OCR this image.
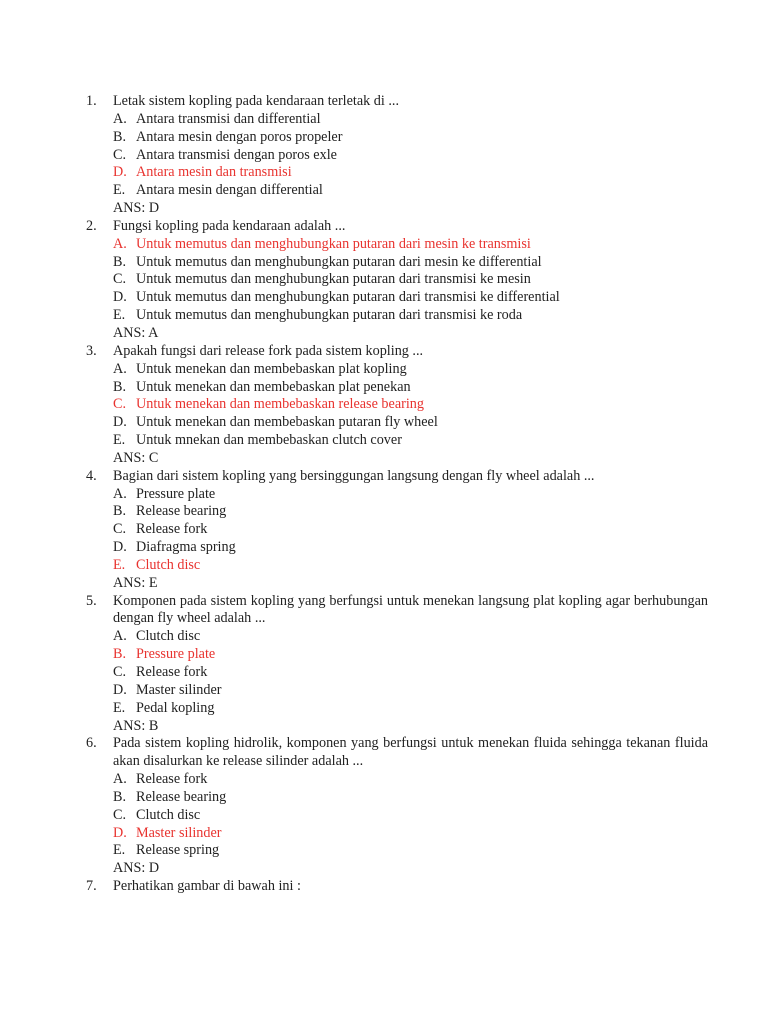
1.	Letak sistem kopling pada kendaraan terletak di ...
A. Antara transmisi dan differential
B. Antara mesin dengan poros propeler
C. Antara transmisi dengan poros exle
D. Antara mesin dan transmisi
E. Antara mesin dengan differential
ANS: D
2.	Fungsi kopling pada kendaraan adalah ...
A. Untuk memutus dan menghubungkan putaran dari mesin ke transmisi
B. Untuk memutus dan menghubungkan putaran dari mesin ke differential
C. Untuk memutus dan menghubungkan putaran dari transmisi ke mesin
D. Untuk memutus dan menghubungkan putaran dari transmisi ke differential
E. Untuk memutus dan menghubungkan putaran dari transmisi ke roda
ANS: A
3.	Apakah fungsi dari release fork pada sistem kopling ...
A. Untuk menekan dan membebaskan plat kopling
B. Untuk menekan dan membebaskan plat penekan
C. Untuk menekan dan membebaskan release bearing
D. Untuk menekan dan membebaskan putaran fly wheel
E. Untuk mnekan dan membebaskan clutch cover
ANS: C
4.	Bagian dari sistem kopling yang bersinggungan langsung dengan fly wheel adalah ...
A. Pressure plate
B. Release bearing
C. Release fork
D. Diafragma spring
E. Clutch disc
ANS: E
5.	Komponen pada sistem kopling yang berfungsi untuk menekan langsung plat kopling agar berhubungan dengan fly wheel adalah ...
A. Clutch disc
B. Pressure plate
C. Release fork
D. Master silinder
E. Pedal kopling
ANS: B
6.	Pada sistem kopling hidrolik, komponen yang berfungsi untuk menekan fluida sehingga tekanan fluida akan disalurkan ke release silinder adalah ...
A. Release fork
B. Release bearing
C. Clutch disc
D. Master silinder
E. Release spring
ANS: D
7.	Perhatikan gambar di bawah ini :
